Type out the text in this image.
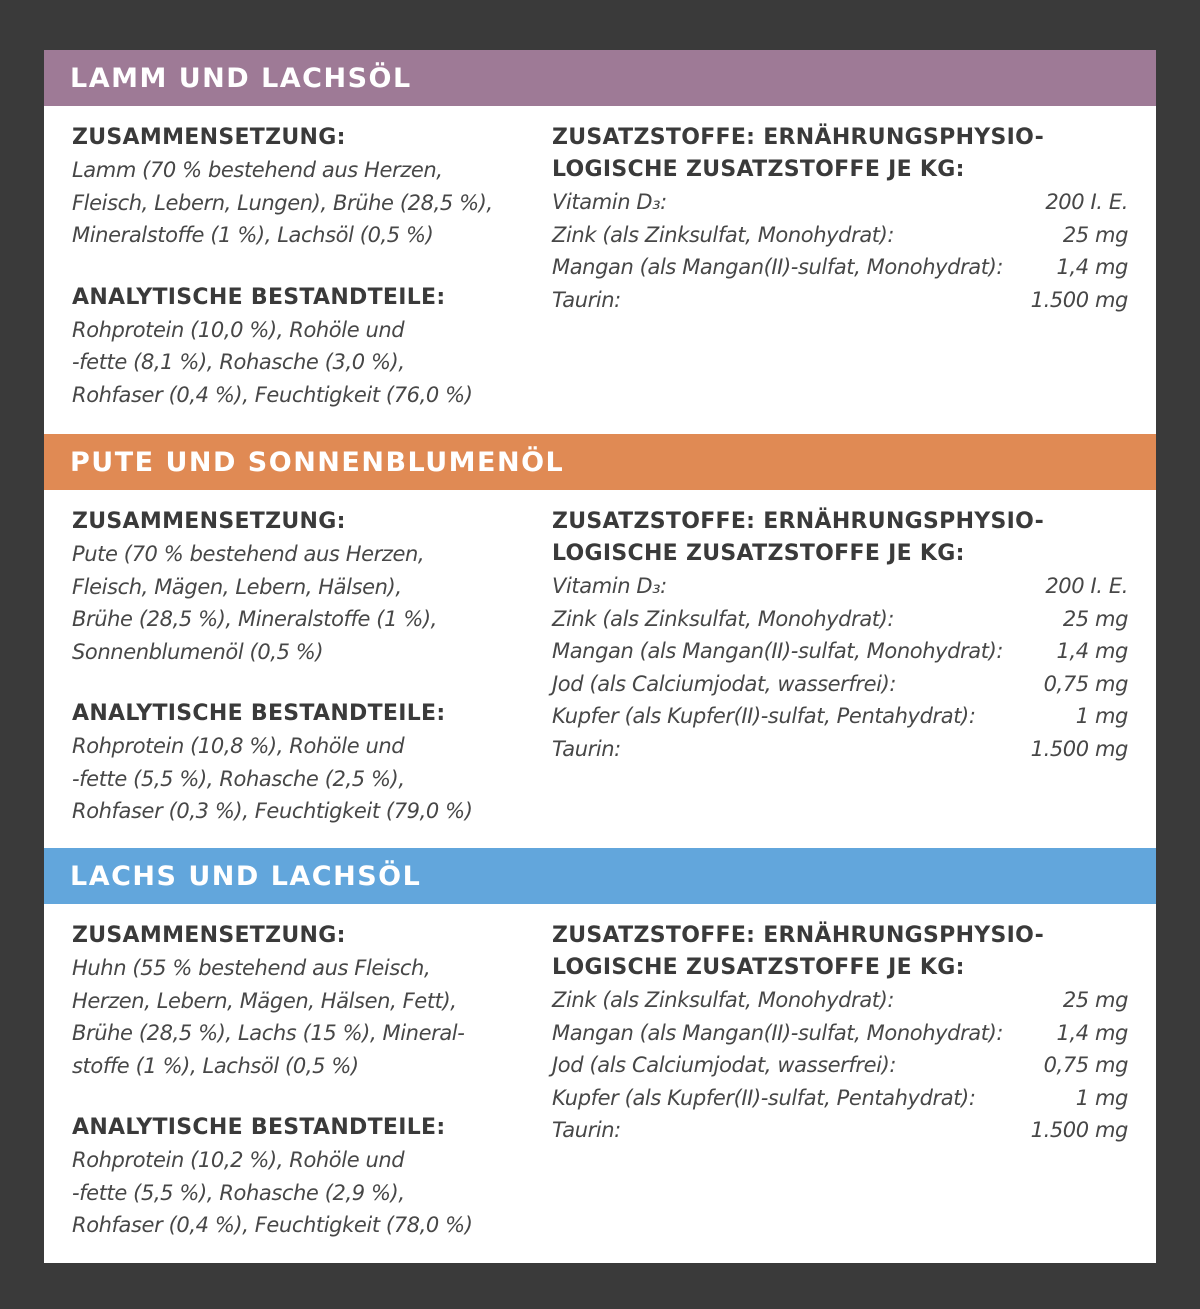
LAMM UND LACHSÖL
ZUSAMMENSETZUNG:
Lamm (70 % bestehend aus Herzen,
Fleisch, Lebern, Lungen), Brühe (28,5 %),
Mineralstoffe (1 %), Lachsöl (0,5 %)
ANALYTISCHE BESTANDTEILE:
Rohprotein (10,0 %), Rohöle und
-fette (8,1 %), Rohasche (3,0 %),
Rohfaser (0,4 %), Feuchtigkeit (76,0 %)
ZUSATZSTOFFE: ERNÄHRUNGSPHYSIO-
LOGISCHE ZUSATZSTOFFE JE KG:
Vitamin D₃:	200 I. E.
Zink (als Zinksulfat, Monohydrat):	25 mg
Mangan (als Mangan(II)-sulfat, Monohydrat):	1,4 mg
Taurin:	1.500 mg
PUTE UND SONNENBLUMENÖL
ZUSAMMENSETZUNG:
Pute (70 % bestehend aus Herzen,
Fleisch, Mägen, Lebern, Hälsen),
Brühe (28,5 %), Mineralstoffe (1 %),
Sonnenblumenöl (0,5 %)
ANALYTISCHE BESTANDTEILE:
Rohprotein (10,8 %), Rohöle und
-fette (5,5 %), Rohasche (2,5 %),
Rohfaser (0,3 %), Feuchtigkeit (79,0 %)
ZUSATZSTOFFE: ERNÄHRUNGSPHYSIO-
LOGISCHE ZUSATZSTOFFE JE KG:
Vitamin D₃:	200 I. E.
Zink (als Zinksulfat, Monohydrat):	25 mg
Mangan (als Mangan(II)-sulfat, Monohydrat):	1,4 mg
Jod (als Calciumjodat, wasserfrei):	0,75 mg
Kupfer (als Kupfer(II)-sulfat, Pentahydrat):	1 mg
Taurin:	1.500 mg
LACHS UND LACHSÖL
ZUSAMMENSETZUNG:
Huhn (55 % bestehend aus Fleisch,
Herzen, Lebern, Mägen, Hälsen, Fett),
Brühe (28,5 %), Lachs (15 %), Mineral-
stoffe (1 %), Lachsöl (0,5 %)
ANALYTISCHE BESTANDTEILE:
Rohprotein (10,2 %), Rohöle und
-fette (5,5 %), Rohasche (2,9 %),
Rohfaser (0,4 %), Feuchtigkeit (78,0 %)
ZUSATZSTOFFE: ERNÄHRUNGSPHYSIO-
LOGISCHE ZUSATZSTOFFE JE KG:
Zink (als Zinksulfat, Monohydrat):	25 mg
Mangan (als Mangan(II)-sulfat, Monohydrat):	1,4 mg
Jod (als Calciumjodat, wasserfrei):	0,75 mg
Kupfer (als Kupfer(II)-sulfat, Pentahydrat):	1 mg
Taurin:	1.500 mg
